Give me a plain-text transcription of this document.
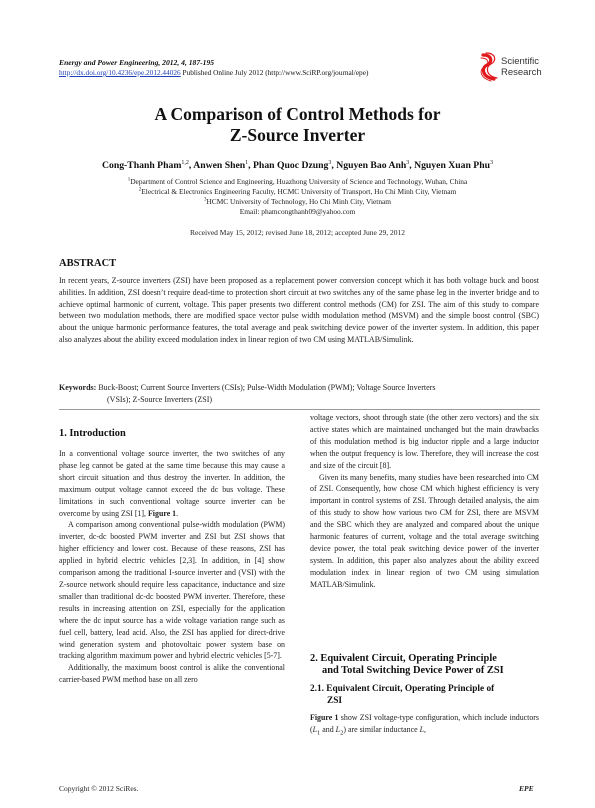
Energy and Power Engineering, 2012, 4, 187-195
http://dx.doi.org/10.4236/epe.2012.44026 Published Online July 2012 (http://www.SciRP.org/journal/epe)
Scientific
Research
A Comparison of Control Methods for
Z-Source Inverter
Cong-Thanh Pham$^{1,2}$, Anwen Shen$^1$, Phan Quoc Dzung$^3$, Nguyen Bao Anh$^3$, Nguyen Xuan Phu$^3$
$^1$Department of Control Science and Engineering, Huazhong University of Science and Technology, Wuhan, China
$^2$Electrical & Electronics Engineering Faculty, HCMC University of Transport, Ho Chi Minh City, Vietnam
$^3$HCMC University of Technology, Ho Chi Minh City, Vietnam
Email: phamcongthanh09@yahoo.com
Received May 15, 2012; revised June 18, 2012; accepted June 29, 2012
ABSTRACT
In recent years, Z-source inverters (ZSI) have been proposed as a replacement power conversion concept which it has both voltage buck and boost abilities. In addition, ZSI doesn’t require dead-time to protection short circuit at two switches any of the same phase leg in the inverter bridge and to achieve optimal harmonic of current, voltage. This paper presents two different control methods (CM) for ZSI. The aim of this study to compare between two modulation methods, there are modified space vector pulse width modulation method (MSVM) and the simple boost control (SBC) about the unique harmonic performance features, the total average and peak switching device power of the inverter system. In addition, this paper also analyzes about the ability exceed modulation index in linear region of two CM using MATLAB/Simulink.
Keywords: Buck-Boost; Current Source Inverters (CSIs); Pulse-Width Modulation (PWM); Voltage Source Inverters
(VSIs); Z-Source Inverters (ZSI)
1. Introduction

In a conventional voltage source inverter, the two switches of any phase leg cannot be gated at the same time because this may cause a short circuit situation and thus destroy the inverter. In addition, the maximum output voltage cannot exceed the dc bus voltage. These limitations in such conventional voltage source inverter can be overcome by using ZSI [1], Figure 1.

A comparison among conventional pulse-width modulation (PWM) inverter, dc-dc boosted PWM inverter and ZSI but ZSI shows that higher efficiency and lower cost. Because of these reasons, ZSI has applied in hybrid electric vehicles [2,3]. In addition, in [4] show comparison among the traditional I-source inverter and (VSI) with the Z-source network should require less capacitance, inductance and size smaller than traditional dc-dc boosted PWM inverter. Therefore, these results in increasing attention on ZSI, especially for the application where the dc input source has a wide voltage variation range such as fuel cell, battery, lead acid. Also, the ZSI has applied for direct-drive wind generation system and photovoltaic power system base on tracking algorithm maximum power and hybrid electric vehicles [5-7].

Additionally, the maximum boost control is alike the conventional carrier-based PWM method base on all zero

voltage vectors, shoot through state (the other zero vectors) and the six active states which are maintained unchanged but the main drawbacks of this modulation method is big inductor ripple and a large inductor when the output frequency is low. Therefore, they will increase the cost and size of the circuit [8].

Given its many benefits, many studies have been researched into CM of ZSI. Consequently, how chose CM which highest efficiency is very important in control systems of ZSI. Through detailed analysis, the aim of this study to show how various two CM for ZSI, there are MSVM and the SBC which they are analyzed and compared about the unique harmonic features of current, voltage and the total average switching device power, the total peak switching device power of the inverter system. In addition, this paper also analyzes about the ability exceed modulation index in linear region of two CM using simulation MATLAB/Simulink.

2. Equivalent Circuit, Operating Principle
and Total Switching Device Power of ZSI
2.1. Equivalent Circuit, Operating Principle of
ZSI

Figure 1 show ZSI voltage-type configuration, which include inductors ($L_1$ and $L_2$) are similar inductance L,

Copyright © 2012 SciRes.	EPE
